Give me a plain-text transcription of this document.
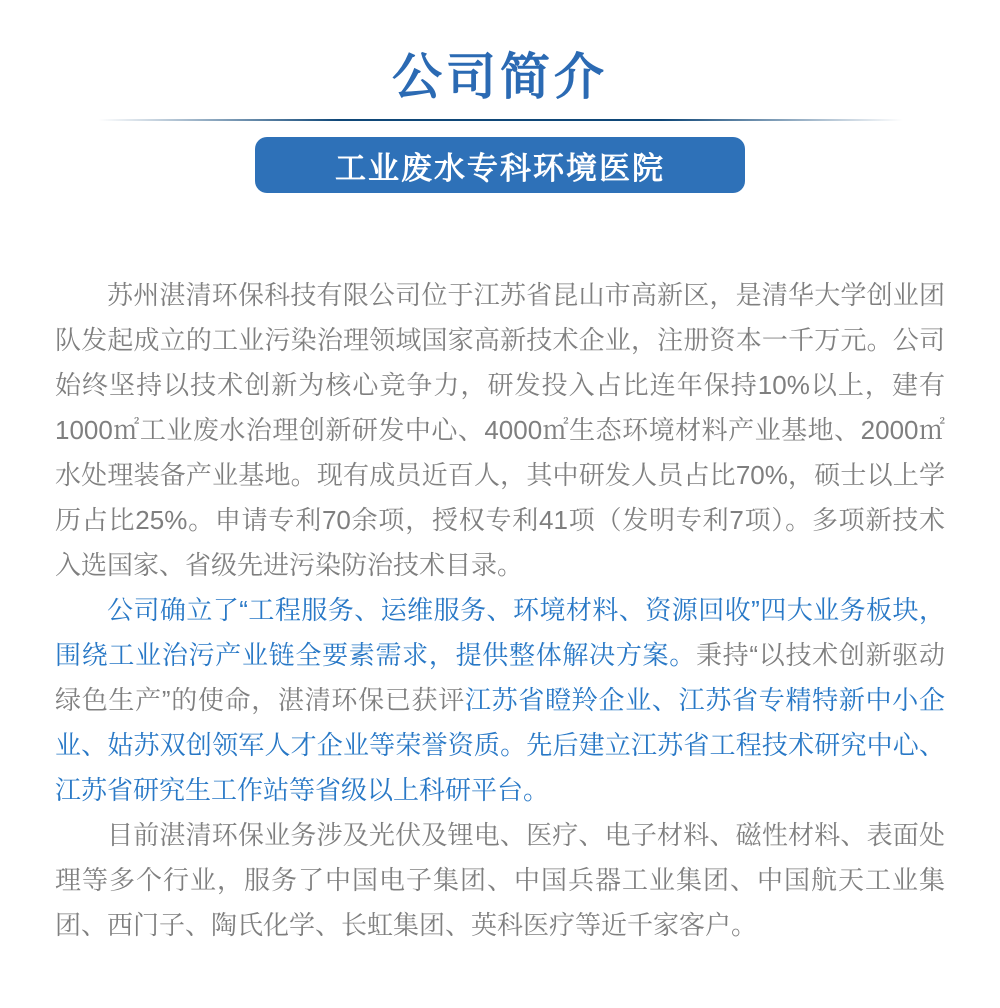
公司简介
工业废水专科环境医院

苏州湛清环保科技有限公司位于江苏省昆山市高新区，是清华大学创业团队发起成立的工业污染治理领域国家高新技术企业，注册资本一千万元。公司始终坚持以技术创新为核心竞争力，研发投入占比连年保持10%以上，建有1000㎡工业废水治理创新研发中心、4000㎡生态环境材料产业基地、2000㎡水处理装备产业基地。现有成员近百人，其中研发人员占比70%，硕士以上学历占比25%。申请专利70余项，授权专利41项（发明专利7项）。多项新技术入选国家、省级先进污染防治技术目录。

公司确立了“工程服务、运维服务、环境材料、资源回收”四大业务板块，围绕工业治污产业链全要素需求，提供整体解决方案。秉持“以技术创新驱动绿色生产”的使命，湛清环保已获评江苏省瞪羚企业、江苏省专精特新中小企业、姑苏双创领军人才企业等荣誉资质。先后建立江苏省工程技术研究中心、江苏省研究生工作站等省级以上科研平台。

目前湛清环保业务涉及光伏及锂电、医疗、电子材料、磁性材料、表面处理等多个行业，服务了中国电子集团、中国兵器工业集团、中国航天工业集团、西门子、陶氏化学、长虹集团、英科医疗等近千家客户。
